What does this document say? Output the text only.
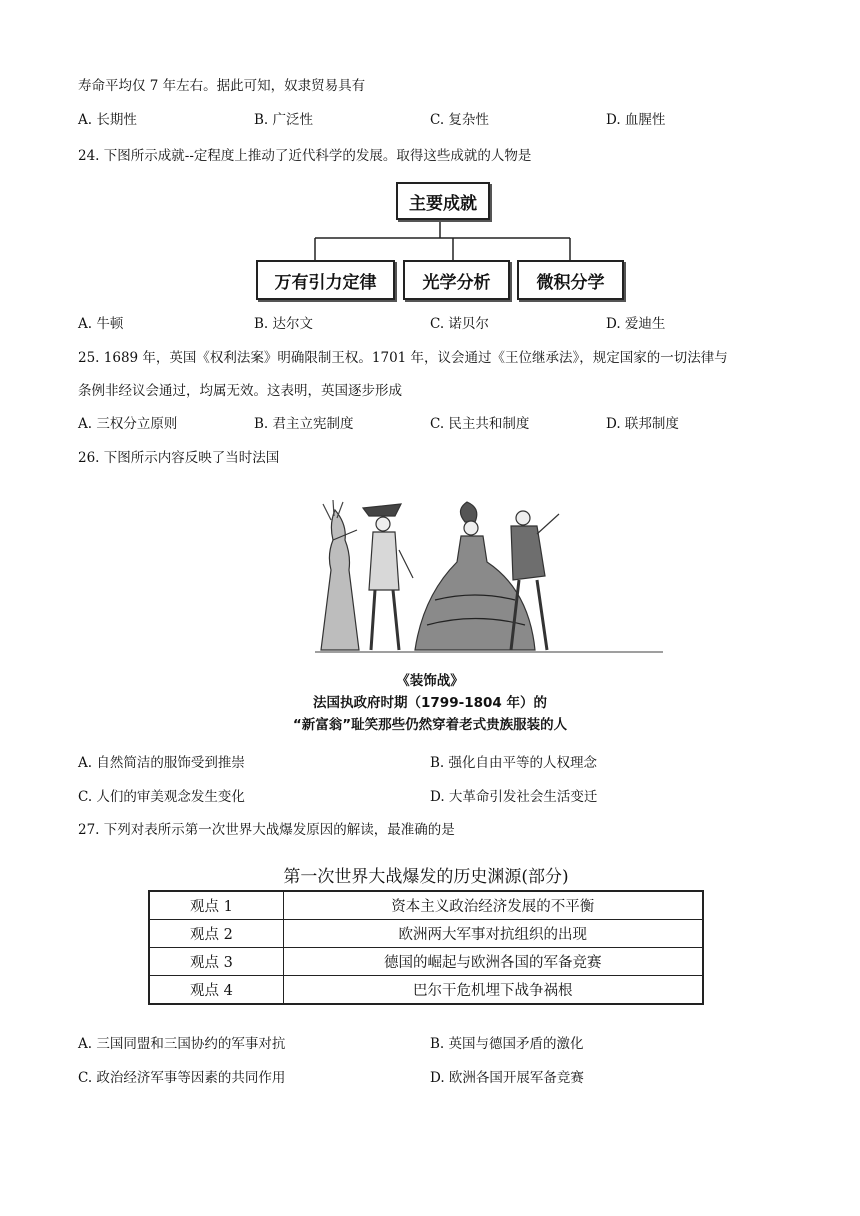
寿命平均仅 7 年左右。据此可知，奴隶贸易具有
A. 长期性	B. 广泛性	C. 复杂性	D. 血腥性
24. 下图所示成就--定程度上推动了近代科学的发展。取得这些成就的人物是
主要成就
万有引力定律	光学分析	微积分学
A. 牛顿	B. 达尔文	C. 诺贝尔	D. 爱迪生
25. 1689 年，英国《权利法案》明确限制王权。1701 年，议会通过《王位继承法》，规定国家的一切法律与
条例非经议会通过，均属无效。这表明，英国逐步形成
A. 三权分立原则	B. 君主立宪制度	C. 民主共和制度	D. 联邦制度
26. 下图所示内容反映了当时法国
《装饰战》
法国执政府时期（1799-1804 年）的
“新富翁”耻笑那些仍然穿着老式贵族服装的人
A. 自然简洁的服饰受到推崇	B. 强化自由平等的人权理念
C. 人们的审美观念发生变化	D. 大革命引发社会生活变迁
27. 下列对表所示第一次世界大战爆发原因的解读，最准确的是
第一次世界大战爆发的历史渊源(部分)
观点 1	资本主义政治经济发展的不平衡
观点 2	欧洲两大军事对抗组织的出现
观点 3	德国的崛起与欧洲各国的军备竞赛
观点 4	巴尔干危机埋下战争祸根
A. 三国同盟和三国协约的军事对抗	B. 英国与德国矛盾的激化
C. 政治经济军事等因素的共同作用	D. 欧洲各国开展军备竞赛
